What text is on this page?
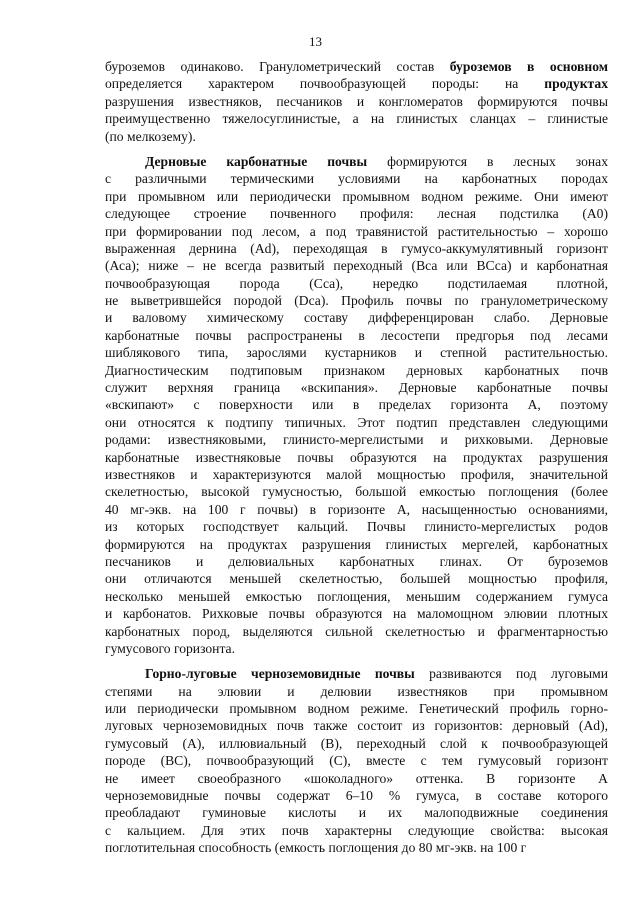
13
буроземов одинаково. Гранулометрический состав буроземов в основном
определяется характером почвообразующей породы: на продуктах
разрушения известняков, песчаников и конгломератов формируются почвы
преимущественно тяжелосуглинистые, а на глинистых сланцах – глинистые
(по мелкозему).
Дерновые карбонатные почвы формируются в лесных зонах
с различными термическими условиями на карбонатных породах
при промывном или периодически промывном водном режиме. Они имеют
следующее строение почвенного профиля: лесная подстилка (А0)
при формировании под лесом, а под травянистой растительностью – хорошо
выраженная дернина (Аd), переходящая в гумусо-аккумулятивный горизонт
(Аса); ниже – не всегда развитый переходный (Вса или ВСса) и карбонатная
почвообразующая порода (Сса), нередко подстилаемая плотной,
не выветрившейся породой (Dса). Профиль почвы по гранулометрическому
и валовому химическому составу дифференцирован слабо. Дерновые
карбонатные почвы распространены в лесостепи предгорья под лесами
шиблякового типа, зарослями кустарников и степной растительностью.
Диагностическим подтиповым признаком дерновых карбонатных почв
служит верхняя граница «вскипания». Дерновые карбонатные почвы
«вскипают» с поверхности или в пределах горизонта А, поэтому
они относятся к подтипу типичных. Этот подтип представлен следующими
родами: известняковыми, глинисто-мергелистыми и рихковыми. Дерновые
карбонатные известняковые почвы образуются на продуктах разрушения
известняков и характеризуются малой мощностью профиля, значительной
скелетностью, высокой гумусностью, большой емкостью поглощения (более
40 мг-экв. на 100 г почвы) в горизонте А, насыщенностью основаниями,
из которых господствует кальций. Почвы глинисто-мергелистых родов
формируются на продуктах разрушения глинистых мергелей, карбонатных
песчаников и делювиальных карбонатных глинах. От буроземов
они отличаются меньшей скелетностью, большей мощностью профиля,
несколько меньшей емкостью поглощения, меньшим содержанием гумуса
и карбонатов. Рихковые почвы образуются на маломощном элювии плотных
карбонатных пород, выделяются сильной скелетностью и фрагментарностью
гумусового горизонта.
Горно-луговые черноземовидные почвы развиваются под луговыми
степями на элювии и делювии известняков при промывном
или периодически промывном водном режиме. Генетический профиль горно-
луговых черноземовидных почв также состоит из горизонтов: дерновый (Аd),
гумусовый (А), иллювиальный (В), переходный слой к почвообразующей
породе (ВС), почвообразующий (С), вместе с тем гумусовый горизонт
не имеет своеобразного «шоколадного» оттенка. В горизонте А
черноземовидные почвы содержат 6–10 % гумуса, в составе которого
преобладают гуминовые кислоты и их малоподвижные соединения
с кальцием. Для этих почв характерны следующие свойства: высокая
поглотительная способность (емкость поглощения до 80 мг-экв. на 100 г
